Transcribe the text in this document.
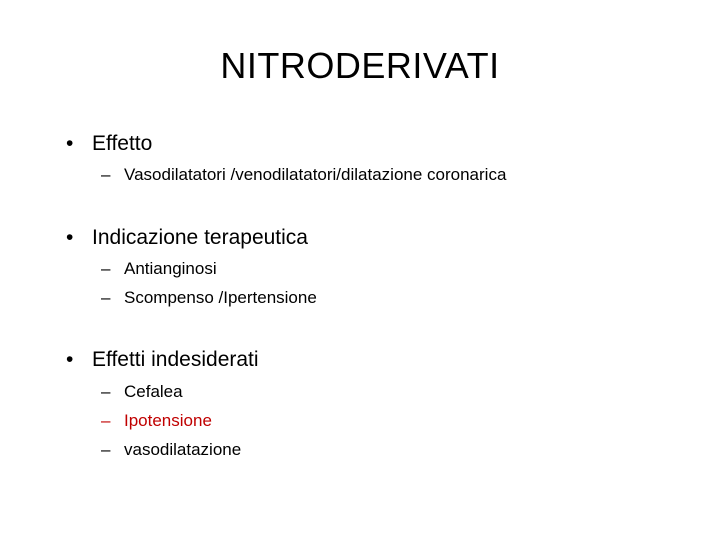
NITRODERIVATI
• Effetto
– Vasodilatatori /venodilatatori/dilatazione coronarica
• Indicazione terapeutica
– Antianginosi
– Scompenso /Ipertensione
• Effetti indesiderati
– Cefalea
– Ipotensione
– vasodilatazione
